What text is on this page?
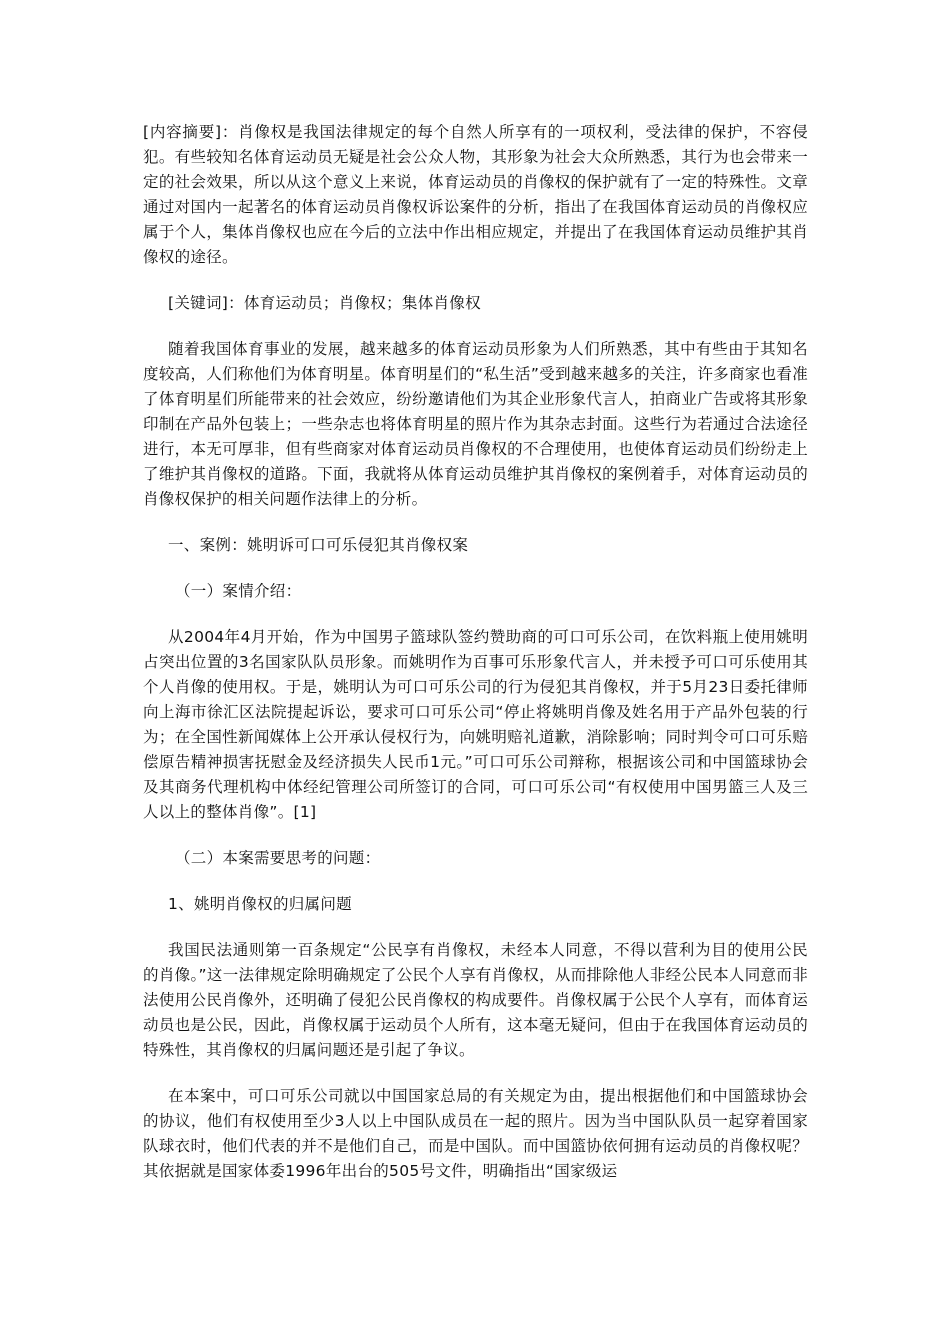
[内容摘要]：肖像权是我国法律规定的每个自然人所享有的一项权利，受法律的保护，不容侵犯。有些较知名体育运动员无疑是社会公众人物，其形象为社会大众所熟悉，其行为也会带来一定的社会效果，所以从这个意义上来说，体育运动员的肖像权的保护就有了一定的特殊性。文章通过对国内一起著名的体育运动员肖像权诉讼案件的分析，指出了在我国体育运动员的肖像权应属于个人，集体肖像权也应在今后的立法中作出相应规定，并提出了在我国体育运动员维护其肖像权的途径。

[关键词]：体育运动员；肖像权；集体肖像权

随着我国体育事业的发展，越来越多的体育运动员形象为人们所熟悉，其中有些由于其知名度较高，人们称他们为体育明星。体育明星们的“私生活”受到越来越多的关注，许多商家也看准了体育明星们所能带来的社会效应，纷纷邀请他们为其企业形象代言人，拍商业广告或将其形象印制在产品外包装上；一些杂志也将体育明星的照片作为其杂志封面。这些行为若通过合法途径进行，本无可厚非，但有些商家对体育运动员肖像权的不合理使用，也使体育运动员们纷纷走上了维护其肖像权的道路。下面，我就将从体育运动员维护其肖像权的案例着手，对体育运动员的肖像权保护的相关问题作法律上的分析。

一、案例：姚明诉可口可乐侵犯其肖像权案

（一）案情介绍：

从2004年4月开始，作为中国男子篮球队签约赞助商的可口可乐公司，在饮料瓶上使用姚明占突出位置的3名国家队队员形象。而姚明作为百事可乐形象代言人，并未授予可口可乐使用其个人肖像的使用权。于是，姚明认为可口可乐公司的行为侵犯其肖像权，并于5月23日委托律师向上海市徐汇区法院提起诉讼，要求可口可乐公司“停止将姚明肖像及姓名用于产品外包装的行为；在全国性新闻媒体上公开承认侵权行为，向姚明赔礼道歉，消除影响；同时判令可口可乐赔偿原告精神损害抚慰金及经济损失人民币1元。”可口可乐公司辩称，根据该公司和中国篮球协会及其商务代理机构中体经纪管理公司所签订的合同，可口可乐公司“有权使用中国男篮三人及三人以上的整体肖像”。[1]

（二）本案需要思考的问题：

1、姚明肖像权的归属问题

我国民法通则第一百条规定“公民享有肖像权，未经本人同意，不得以营利为目的使用公民的肖像。”这一法律规定除明确规定了公民个人享有肖像权，从而排除他人非经公民本人同意而非法使用公民肖像外，还明确了侵犯公民肖像权的构成要件。肖像权属于公民个人享有，而体育运动员也是公民，因此，肖像权属于运动员个人所有，这本毫无疑问，但由于在我国体育运动员的特殊性，其肖像权的归属问题还是引起了争议。

在本案中，可口可乐公司就以中国国家总局的有关规定为由，提出根据他们和中国篮球协会的协议，他们有权使用至少3人以上中国队成员在一起的照片。因为当中国队队员一起穿着国家队球衣时，他们代表的并不是他们自己，而是中国队。而中国篮协依何拥有运动员的肖像权呢？其依据就是国家体委1996年出台的505号文件，明确指出“国家级运
